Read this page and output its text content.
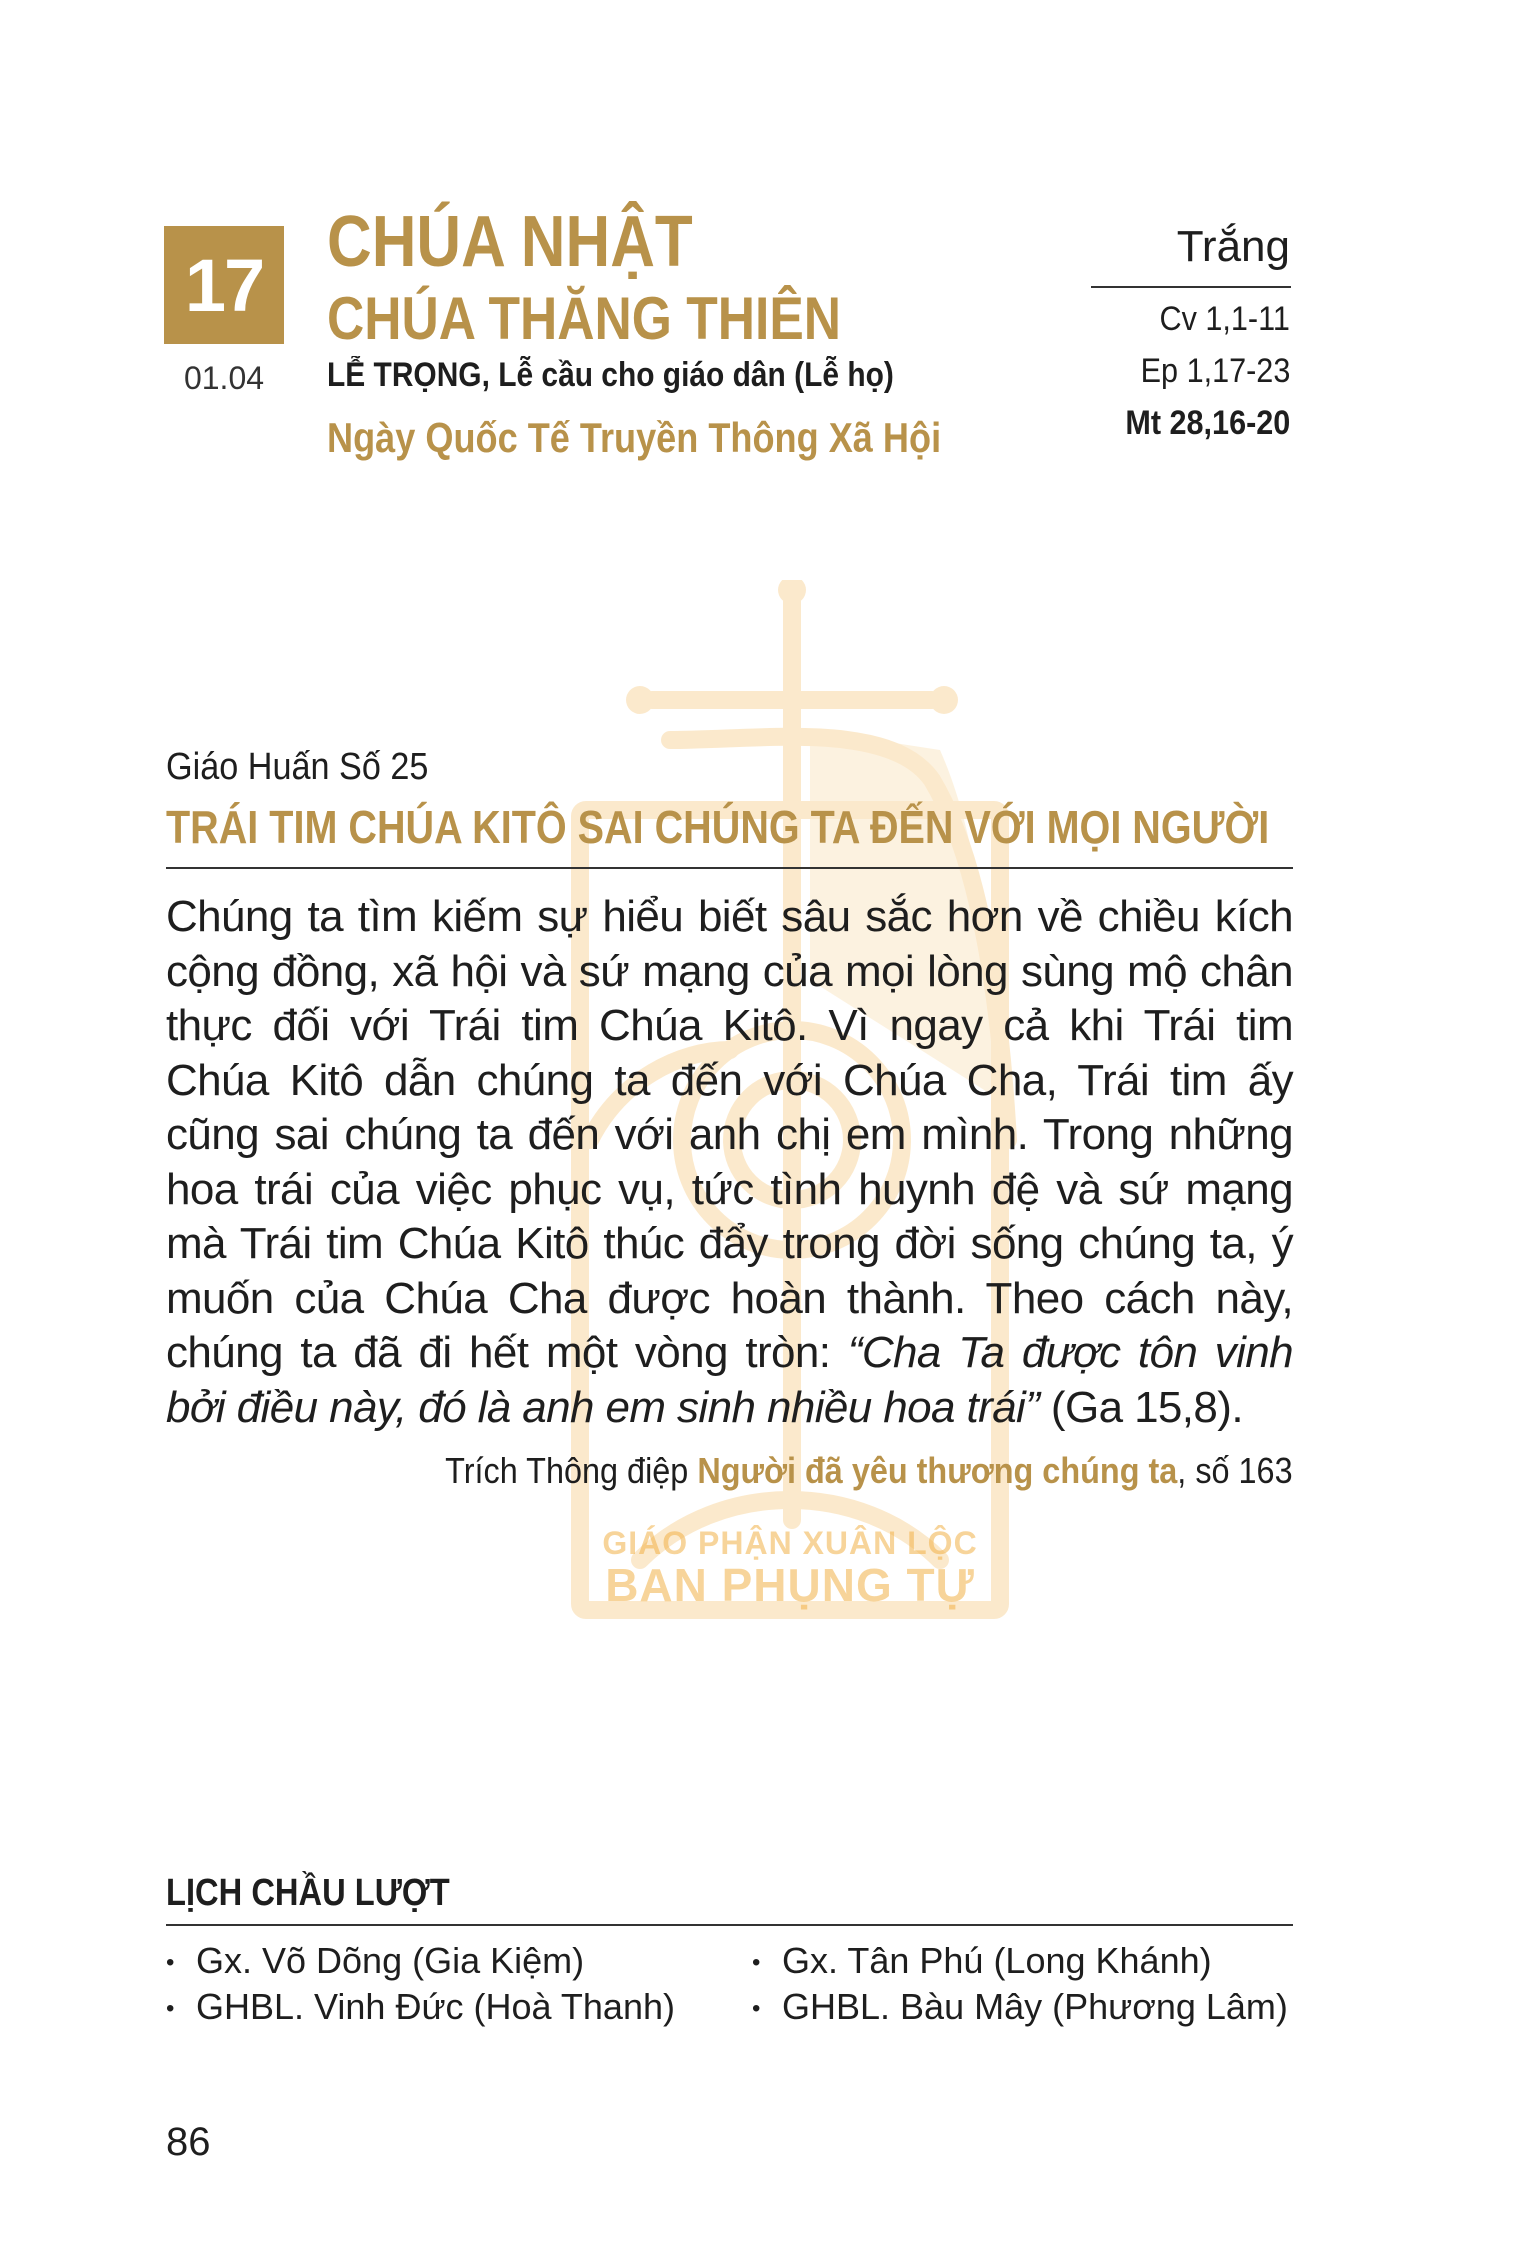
17
01.04
CHÚA NHẬT
CHÚA THĂNG THIÊN
LỄ TRỌNG, Lễ cầu cho giáo dân (Lễ họ)
Ngày Quốc Tế Truyền Thông Xã Hội
Trắng
Cv 1,1-11
Ep 1,17-23
Mt 28,16-20
GIÁO PHẬN XUÂN LỘC
BAN PHỤNG TỰ
Giáo Huấn Số 25
TRÁI TIM CHÚA KITÔ SAI CHÚNG TA ĐẾN VỚI MỌI NGƯỜI
Chúng ta tìm kiếm sự hiểu biết sâu sắc hơn về chiều kích cộng đồng, xã hội và sứ mạng của mọi lòng sùng mộ chân thực đối với Trái tim Chúa Kitô. Vì ngay cả khi Trái tim Chúa Kitô dẫn chúng ta đến với Chúa Cha, Trái tim ấy cũng sai chúng ta đến với anh chị em mình. Trong những hoa trái của việc phục vụ, tức tình huynh đệ và sứ mạng mà Trái tim Chúa Kitô thúc đẩy trong đời sống chúng ta, ý muốn của Chúa Cha được hoàn thành. Theo cách này, chúng ta đã đi hết một vòng tròn: “Cha Ta được tôn vinh bởi điều này, đó là anh em sinh nhiều hoa trái” (Ga 15,8).
Trích Thông điệp Người đã yêu thương chúng ta, số 163
LỊCH CHẦU LƯỢT
• Gx. Võ Dõng (Gia Kiệm)
• GHBL. Vinh Đức (Hoà Thanh)
• Gx. Tân Phú (Long Khánh)
• GHBL. Bàu Mây (Phương Lâm)
86
